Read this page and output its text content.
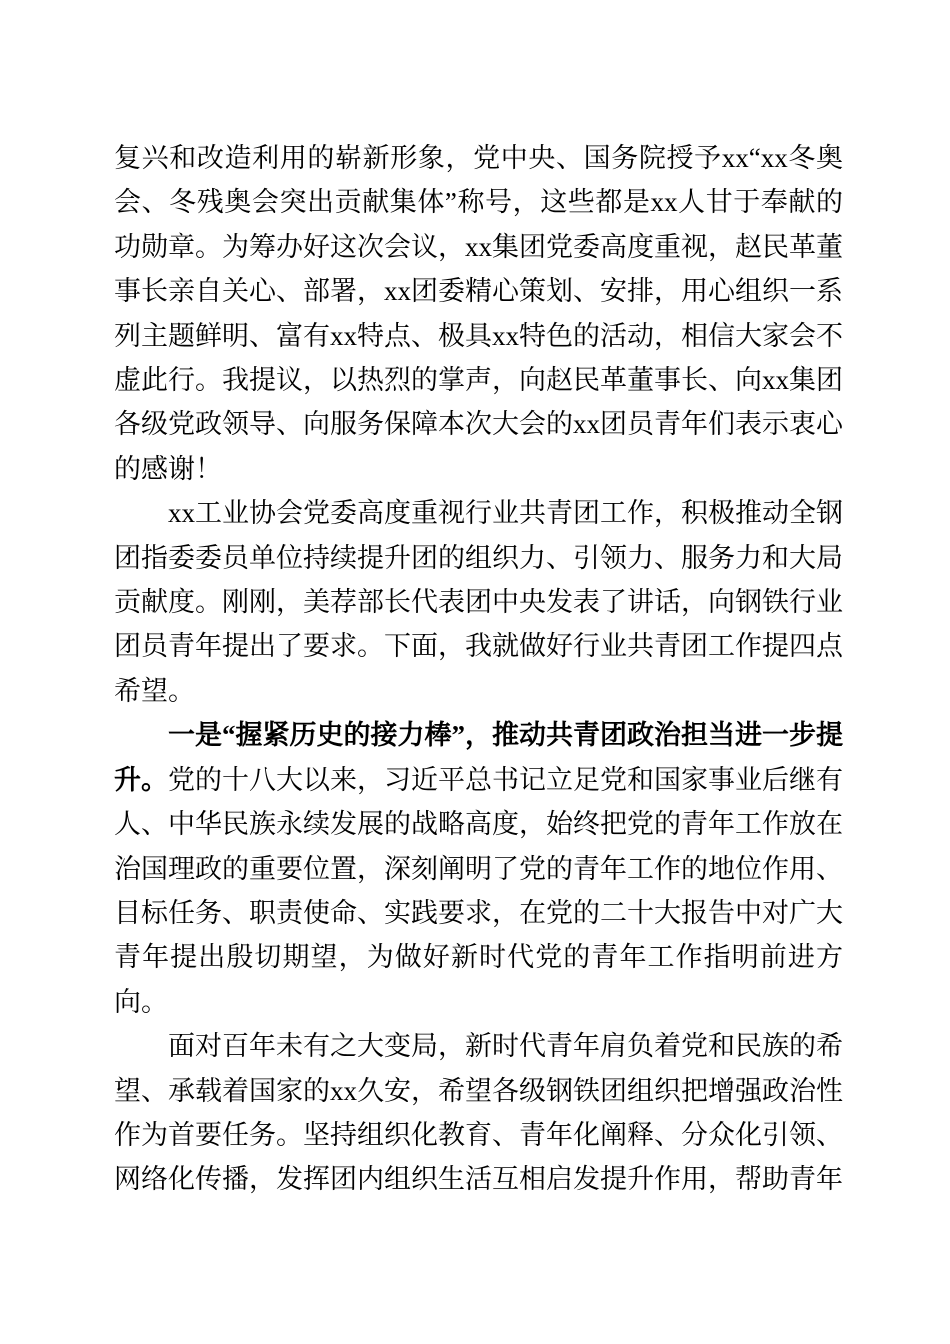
复兴和改造利用的崭新形象，党中央、国务院授予xx“xx冬奥会、冬残奥会突出贡献集体”称号，这些都是xx人甘于奉献的功勋章。为筹办好这次会议，xx集团党委高度重视，赵民革董事长亲自关心、部署，xx团委精心策划、安排，用心组织一系列主题鲜明、富有xx特点、极具xx特色的活动，相信大家会不虚此行。我提议，以热烈的掌声，向赵民革董事长、向xx集团各级党政领导、向服务保障本次大会的xx团员青年们表示衷心的感谢！

xx工业协会党委高度重视行业共青团工作，积极推动全钢团指委委员单位持续提升团的组织力、引领力、服务力和大局贡献度。刚刚，美荐部长代表团中央发表了讲话，向钢铁行业团员青年提出了要求。下面，我就做好行业共青团工作提四点希望。

一是“握紧历史的接力棒”，推动共青团政治担当进一步提升。党的十八大以来，习近平总书记立足党和国家事业后继有人、中华民族永续发展的战略高度，始终把党的青年工作放在治国理政的重要位置，深刻阐明了党的青年工作的地位作用、目标任务、职责使命、实践要求，在党的二十大报告中对广大青年提出殷切期望，为做好新时代党的青年工作指明前进方向。

面对百年未有之大变局，新时代青年肩负着党和民族的希望、承载着国家的xx久安，希望各级钢铁团组织把增强政治性作为首要任务。坚持组织化教育、青年化阐释、分众化引领、网络化传播，发挥团内组织生活互相启发提升作用，帮助青年
